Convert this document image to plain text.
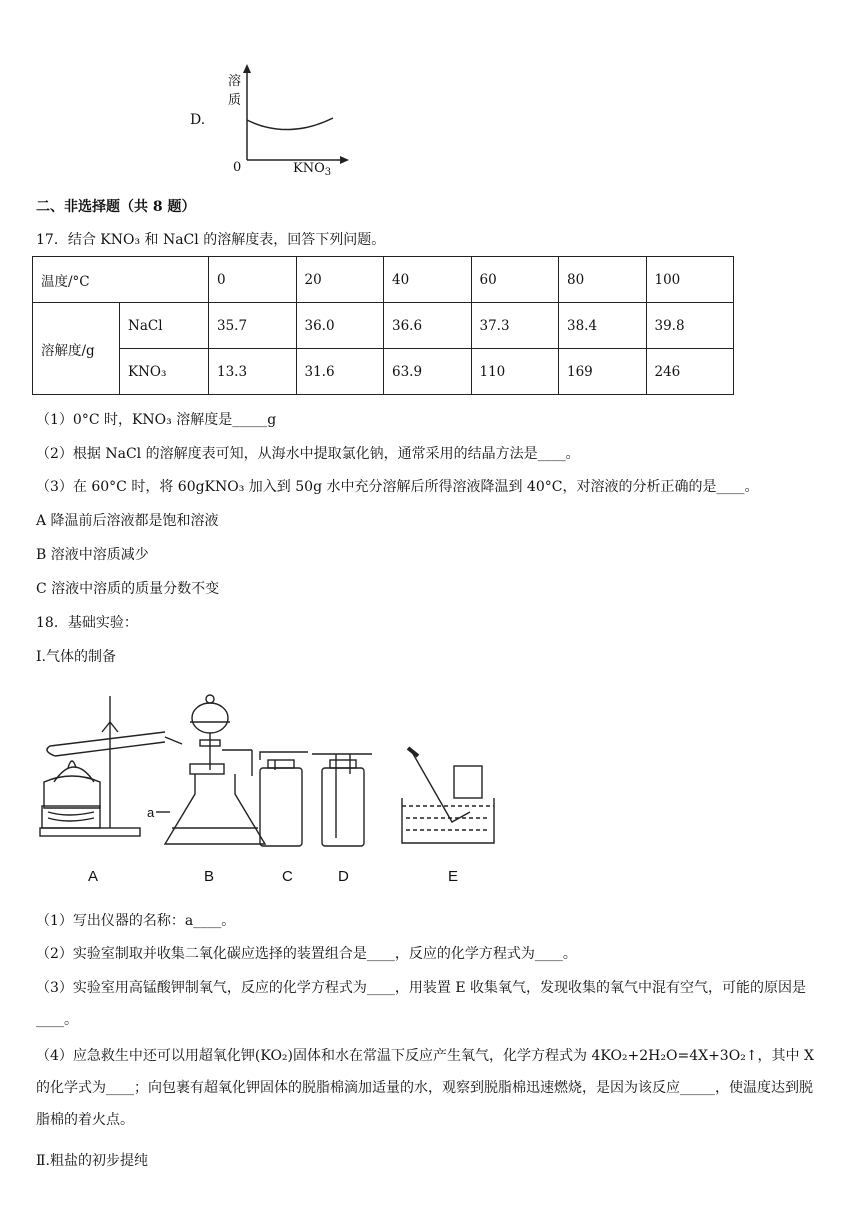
D.
溶
质
0	$KNO_3$
二、非选择题（共 8 题）
17．结合 KNO₃ 和 NaCl 的溶解度表，回答下列问题。
温度/°C		0	20	40	60	80	100
溶解度/g	NaCl	35.7	36.0	36.6	37.3	38.4	39.8
	KNO₃	13.3	31.6	63.9	110	169	246
（1）0°C 时，KNO₃ 溶解度是_____g
（2）根据 NaCl 的溶解度表可知，从海水中提取氯化钠，通常采用的结晶方法是____。
（3）在 60°C 时，将 60gKNO₃ 加入到 50g 水中充分溶解后所得溶液降温到 40°C，对溶液的分析正确的是____。
A 降温前后溶液都是饱和溶液
B 溶液中溶质减少
C 溶液中溶质的质量分数不变
18．基础实验：
Ⅰ.气体的制备
a
A	B	C	D	E
（1）写出仪器的名称：a____。
（2）实验室制取并收集二氧化碳应选择的装置组合是____，反应的化学方程式为____。
（3）实验室用高锰酸钾制氧气，反应的化学方程式为____，用装置 E 收集氧气，发现收集的氧气中混有空气，可能的原因是____。
（4）应急救生中还可以用超氧化钾(KO₂)固体和水在常温下反应产生氧气，化学方程式为 4KO₂+2H₂O=4X+3O₂↑，其中 X 的化学式为____；向包裹有超氧化钾固体的脱脂棉滴加适量的水，观察到脱脂棉迅速燃烧，是因为该反应_____，使温度达到脱脂棉的着火点。
Ⅱ.粗盐的初步提纯
